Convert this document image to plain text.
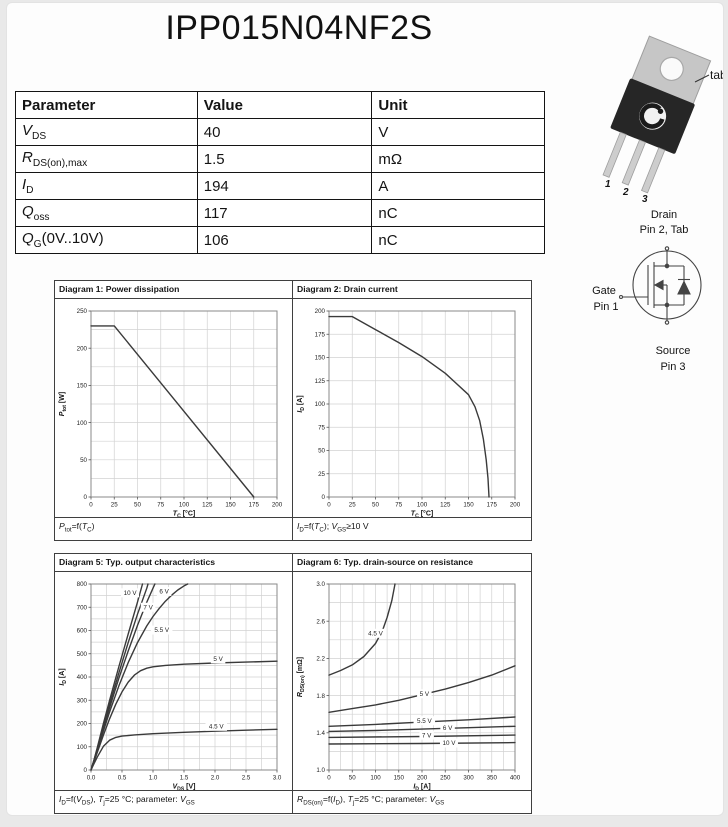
IPP015N04NF2S
Parameter	Value	Unit
$V_{DS}$	40	V
$R_{DS(on),max}$	1.5	mΩ
$I_D$	194	A
$Q_{oss}$	117	nC
$Q_G(0V..10V)$	106	nC
tab
1
2
3
Drain
Pin 2, Tab
Gate
Pin 1
Source
Pin 3
Diagram 1: Power dissipation
0	25	50	75 100 125 150 175 200
0
50
100
150
200
250
$T_C$ [°C]
$P_{tot}$ [W]
$P_{tot}=f(T_C)$
Diagram 2: Drain current
0	25	50	75 100 125 150 175 200
0
25
50
75
100
125
150
175
200
$T_C$ [°C]
$I_D$ [A]
$I_D=f(T_C)$; $V_{GS}\ge 10$ V
Diagram 5: Typ. output characteristics
0.0	0.5	1.0	1.5	2.0	2.5	3.0
0
100
200
300
400
500
600
700
800
$V_{DS}$ [V]
$I_D$ [A]
10 V	6 V
7 V
5.5 V
5 V
4.5 V
$I_D=f(V_{DS})$, $T_j=25$ °C; parameter: $V_{GS}$
Diagram 6: Typ. drain-source on resistance
0	50 100 150 200 250 300 350 400
1.0
1.4
1.8
2.2
2.6
3.0
$I_D$ [A]
$R_{DS(on)}$ [mΩ]
4.5 V
5 V
5.5 V
6 V
7 V
10 V
$R_{DS(on)}=f(I_D)$, $T_j=25$ °C; parameter: $V_{GS}$
